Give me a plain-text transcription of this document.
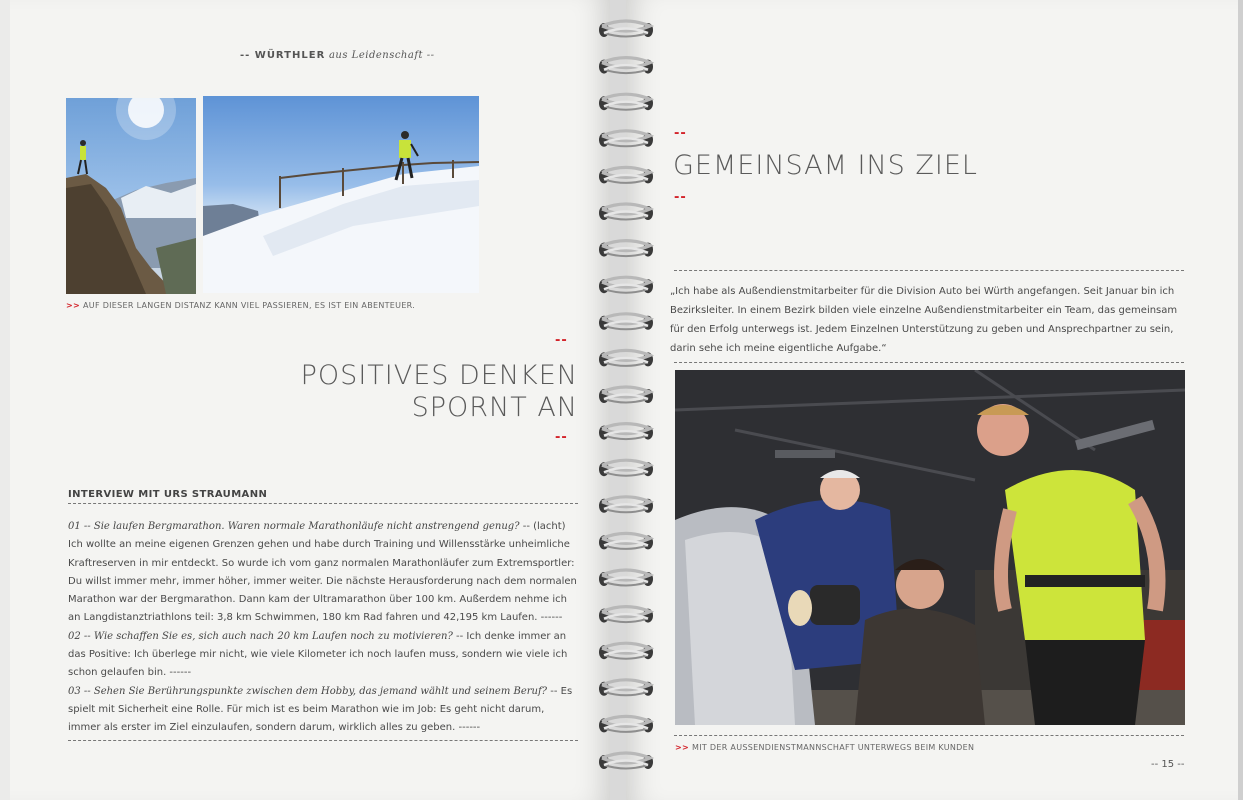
-- WÜRTHLER aus Leidenschaft --
>> AUF DIESER LANGEN DISTANZ KANN VIEL PASSIEREN, ES IST EIN ABENTEUER.
--
POSITIVES DENKEN
SPORNT AN
--
INTERVIEW MIT URS STRAUMANN
01 -- Sie laufen Bergmarathon. Waren normale Marathonläufe nicht anstrengend genug? -- (lacht) Ich wollte an meine eigenen Grenzen gehen und habe durch Training und Willensstärke unheimliche Kraftreserven in mir entdeckt. So wurde ich vom ganz normalen Marathonläufer zum Extremsportler: Du willst immer mehr, immer höher, immer weiter. Die nächste Herausforderung nach dem normalen Marathon war der Bergmarathon. Dann kam der Ultramarathon über 100 km. Außerdem nehme ich an Langdistanztriathlons teil: 3,8 km Schwimmen, 180 km Rad fahren und 42,195 km Laufen. ------
02 -- Wie schaffen Sie es, sich auch nach 20 km Laufen noch zu motivieren? -- Ich denke immer an das Positive: Ich überlege mir nicht, wie viele Kilometer ich noch laufen muss, sondern wie viele ich schon gelaufen bin. ------
03 -- Sehen Sie Berührungspunkte zwischen dem Hobby, das jemand wählt und seinem Beruf? -- Es spielt mit Sicherheit eine Rolle. Für mich ist es beim Marathon wie im Job: Es geht nicht darum, immer als erster im Ziel einzulaufen, sondern darum, wirklich alles zu geben. ------
--
GEMEINSAM INS ZIEL
--
„Ich habe als Außendienstmitarbeiter für die Division Auto bei Würth angefangen. Seit Januar bin ich Bezirksleiter. In einem Bezirk bilden viele einzelne Außendienstmitarbeiter ein Team, das gemeinsam für den Erfolg unterwegs ist. Jedem Einzelnen Unterstützung zu geben und Ansprechpartner zu sein, darin sehe ich meine eigentliche Aufgabe.“
>> MIT DER AUSSENDIENSTMANNSCHAFT UNTERWEGS BEIM KUNDEN
-- 15 --
